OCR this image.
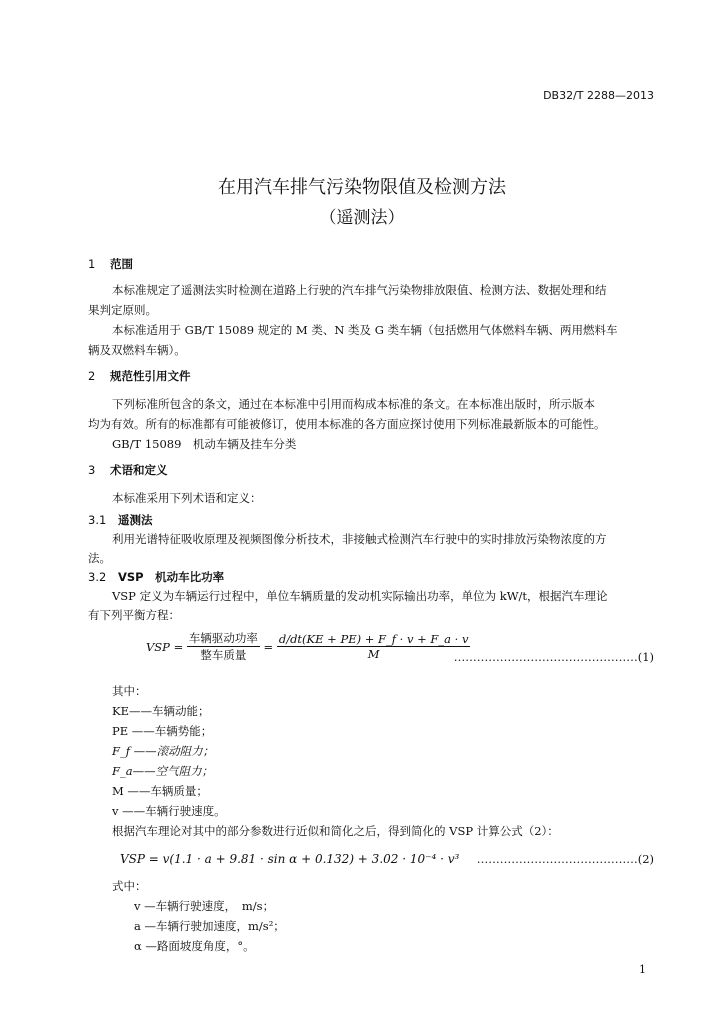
DB32/T 2288—2013
在用汽车排气污染物限值及检测方法
（遥测法）
1 范围
本标准规定了遥测法实时检测在道路上行驶的汽车排气污染物排放限值、检测方法、数据处理和结
果判定原则。
本标准适用于 GB/T 15089 规定的 M 类、N 类及 G 类车辆（包括燃用气体燃料车辆、两用燃料车
辆及双燃料车辆）。
2 规范性引用文件
下列标准所包含的条文，通过在本标准中引用而构成本标准的条文。在本标准出版时，所示版本
均为有效。所有的标准都有可能被修订，使用本标准的各方面应探讨使用下列标准最新版本的可能性。
GB/T 15089　机动车辆及挂车分类
3 术语和定义
本标准采用下列术语和定义：
3.1 遥测法
利用光谱特征吸收原理及视频图像分析技术，非接触式检测汽车行驶中的实时排放污染物浓度的方
法。
3.2 VSP　机动车比功率
VSP 定义为车辆运行过程中，单位车辆质量的发动机实际输出功率，单位为 kW/t，根据汽车理论
有下列平衡方程：
VSP = $\frac{\text{车辆驱动功率}}{\text{整车质量}} = \frac{d/dt(KE + PE) + F\_f \cdot v + F\_a \cdot v}{M}$
…………………………………………(1)
其中：
KE——车辆动能；
PE ——车辆势能；
F_f ——滚动阻力；
F_a——空气阻力；
M ——车辆质量；
v ——车辆行驶速度。
根据汽车理论对其中的部分参数进行近似和简化之后，得到简化的 VSP 计算公式（2）：
VSP = v(1.1 · a + 9.81 · sin α + 0.132) + 3.02 · 10⁻⁴ · v³ ……………………………………(2)
式中：
v —车辆行驶速度，　m/s；
a —车辆行驶加速度，m/s²；
α —路面坡度角度，°。
1
